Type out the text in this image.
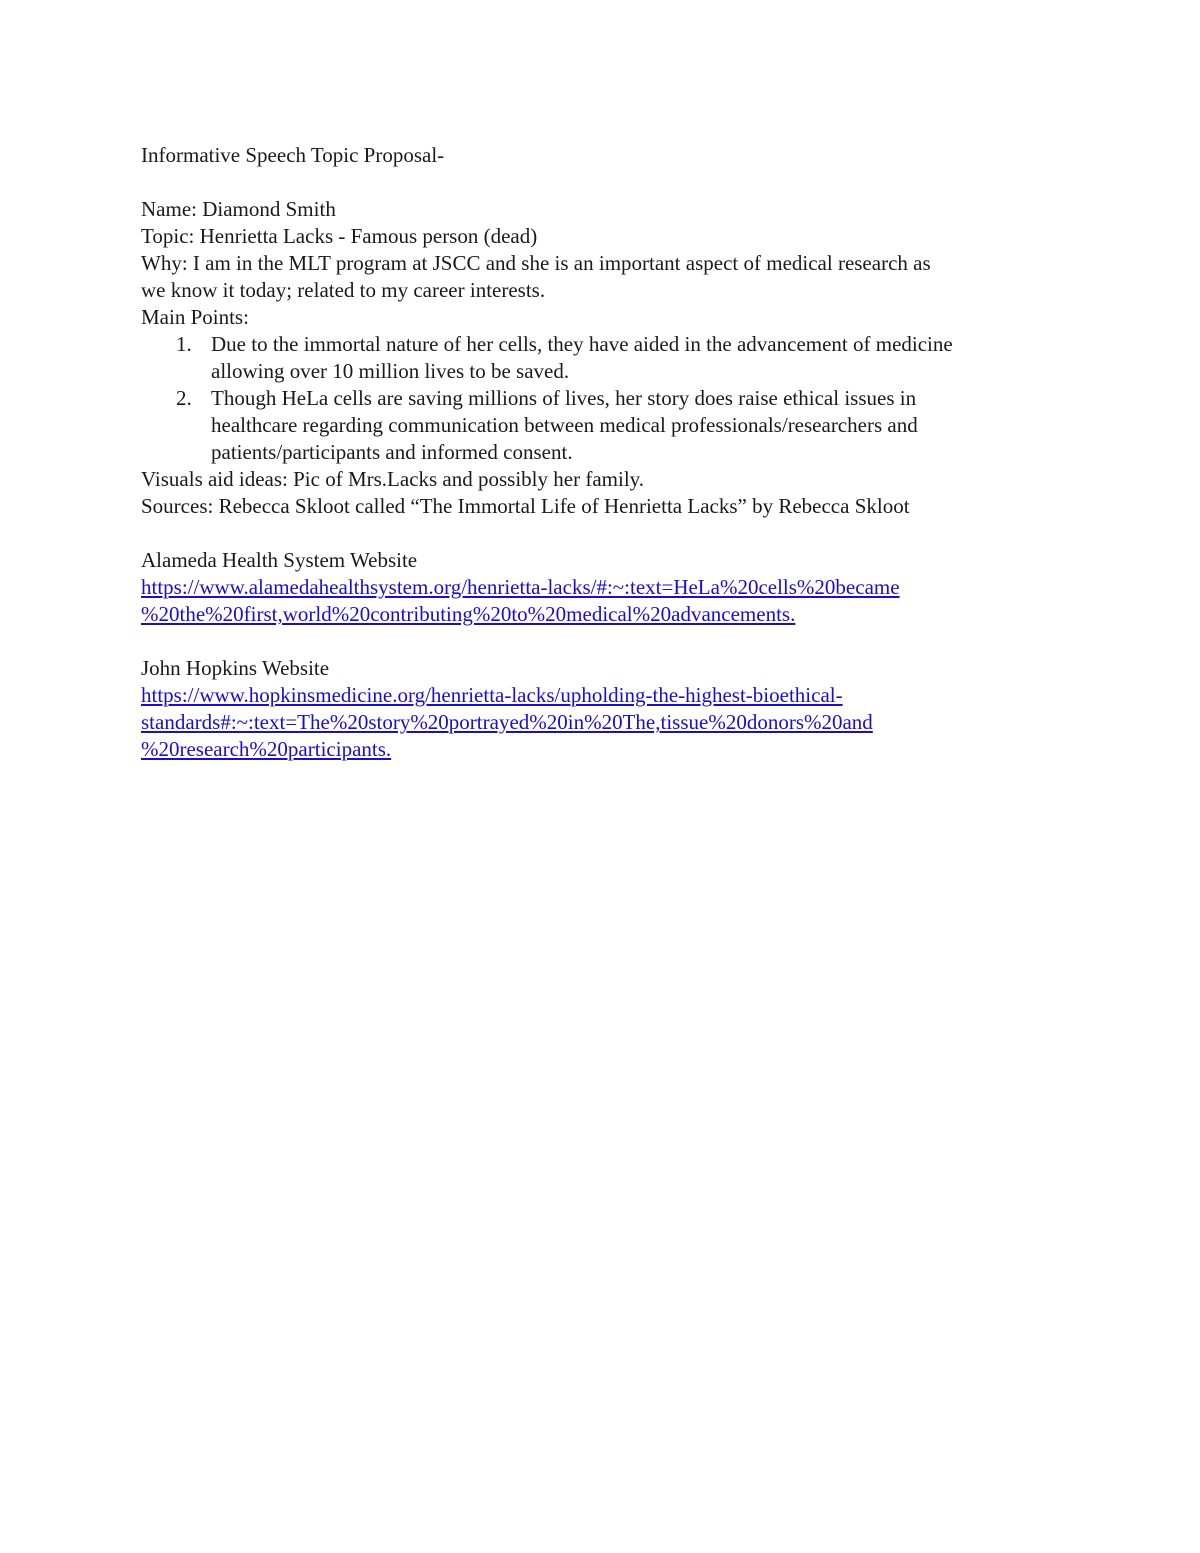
Informative Speech Topic Proposal-

Name: Diamond Smith

Topic: Henrietta Lacks - Famous person (dead)

Why: I am in the MLT program at JSCC and she is an important aspect of medical research as

we know it today; related to my career interests.

Main Points:

1. Due to the immortal nature of her cells, they have aided in the advancement of medicine
allowing over 10 million lives to be saved.
2. Though HeLa cells are saving millions of lives, her story does raise ethical issues in
healthcare regarding communication between medical professionals/researchers and
patients/participants and informed consent.

Visuals aid ideas: Pic of Mrs.Lacks and possibly her family.

Sources: Rebecca Skloot called “The Immortal Life of Henrietta Lacks” by Rebecca Skloot

Alameda Health System Website

https://www.alamedahealthsystem.org/henrietta-lacks/#:~:text=HeLa%20cells%20became
%20the%20first,world%20contributing%20to%20medical%20advancements.

John Hopkins Website

https://www.hopkinsmedicine.org/henrietta-lacks/upholding-the-highest-bioethical-
standards#:~:text=The%20story%20portrayed%20in%20The,tissue%20donors%20and
%20research%20participants.
